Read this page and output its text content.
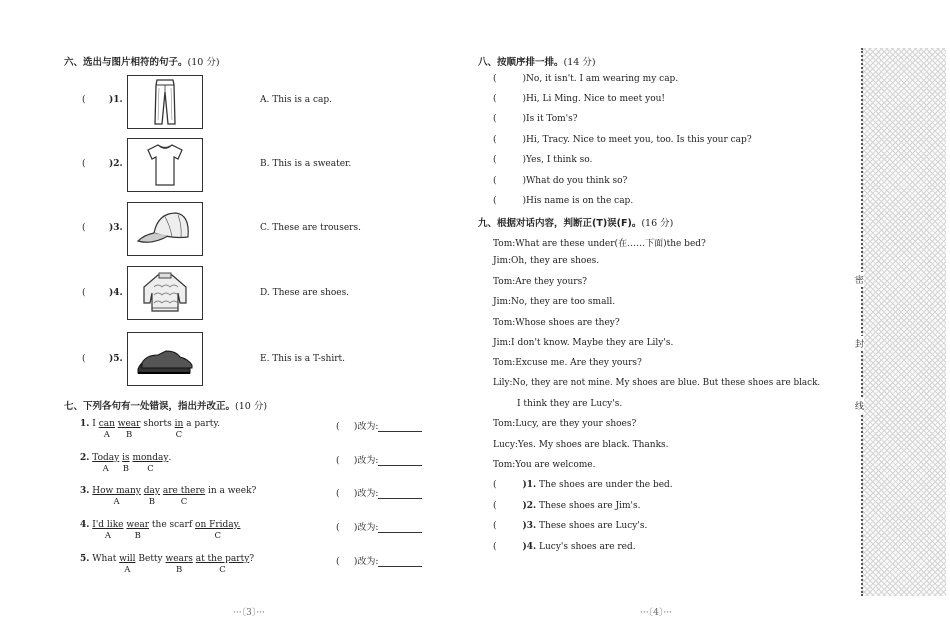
六、选出与图片相符的句子。(10 分)
(	)1.	A. This is a cap.
(	)2.	B. This is a sweater.
(	)3.	C. These are trousers.
(	)4.	D. These are shoes.
(	)5.	E. This is a T-shirt.
七、下列各句有一处错误，指出并改正。(10 分)
1. I can
A
wear
B
shorts $\frac{in}{C}$ a party.	( )改为:
2. Today
A
$\frac{is}{B}$ monday
C
.	( )改为:
3. How many
A
day
B
are there
C
in a week?	( )改为:
4. I'd like
A
wear
B
the scarf on Friday.
C
( )改为:
5. What will
A
Betty wears
B
at the party
C
?	( )改为:
···〔3〕···
八、按顺序排一排。(14 分)
(	)No, it isn't. I am wearing my cap.
(	)Hi, Li Ming. Nice to meet you!
(	)Is it Tom's?
(	)Hi, Tracy. Nice to meet you, too. Is this your cap?
(	)Yes, I think so.
(	)What do you think so?
(	)His name is on the cap.
九、根据对话内容，判断正(T)误(F)。(16 分)
Tom:What are these under(在……下面)the bed?
Jim:Oh, they are shoes.
Tom:Are they yours?
Jim:No, they are too small.
Tom:Whose shoes are they?
Jim:I don't know. Maybe they are Lily's.
Tom:Excuse me. Are they yours?
Lily:No, they are not mine. My shoes are blue. But these shoes are black.
I think they are Lucy's.
Tom:Lucy, are they your shoes?
Lucy:Yes. My shoes are black. Thanks.
Tom:You are welcome.
(	)1. The shoes are under the bed.
(	)2. These shoes are Jim's.
(	)3. These shoes are Lucy's.
(	)4. Lucy's shoes are red.
···〔4〕···
密
封
线
